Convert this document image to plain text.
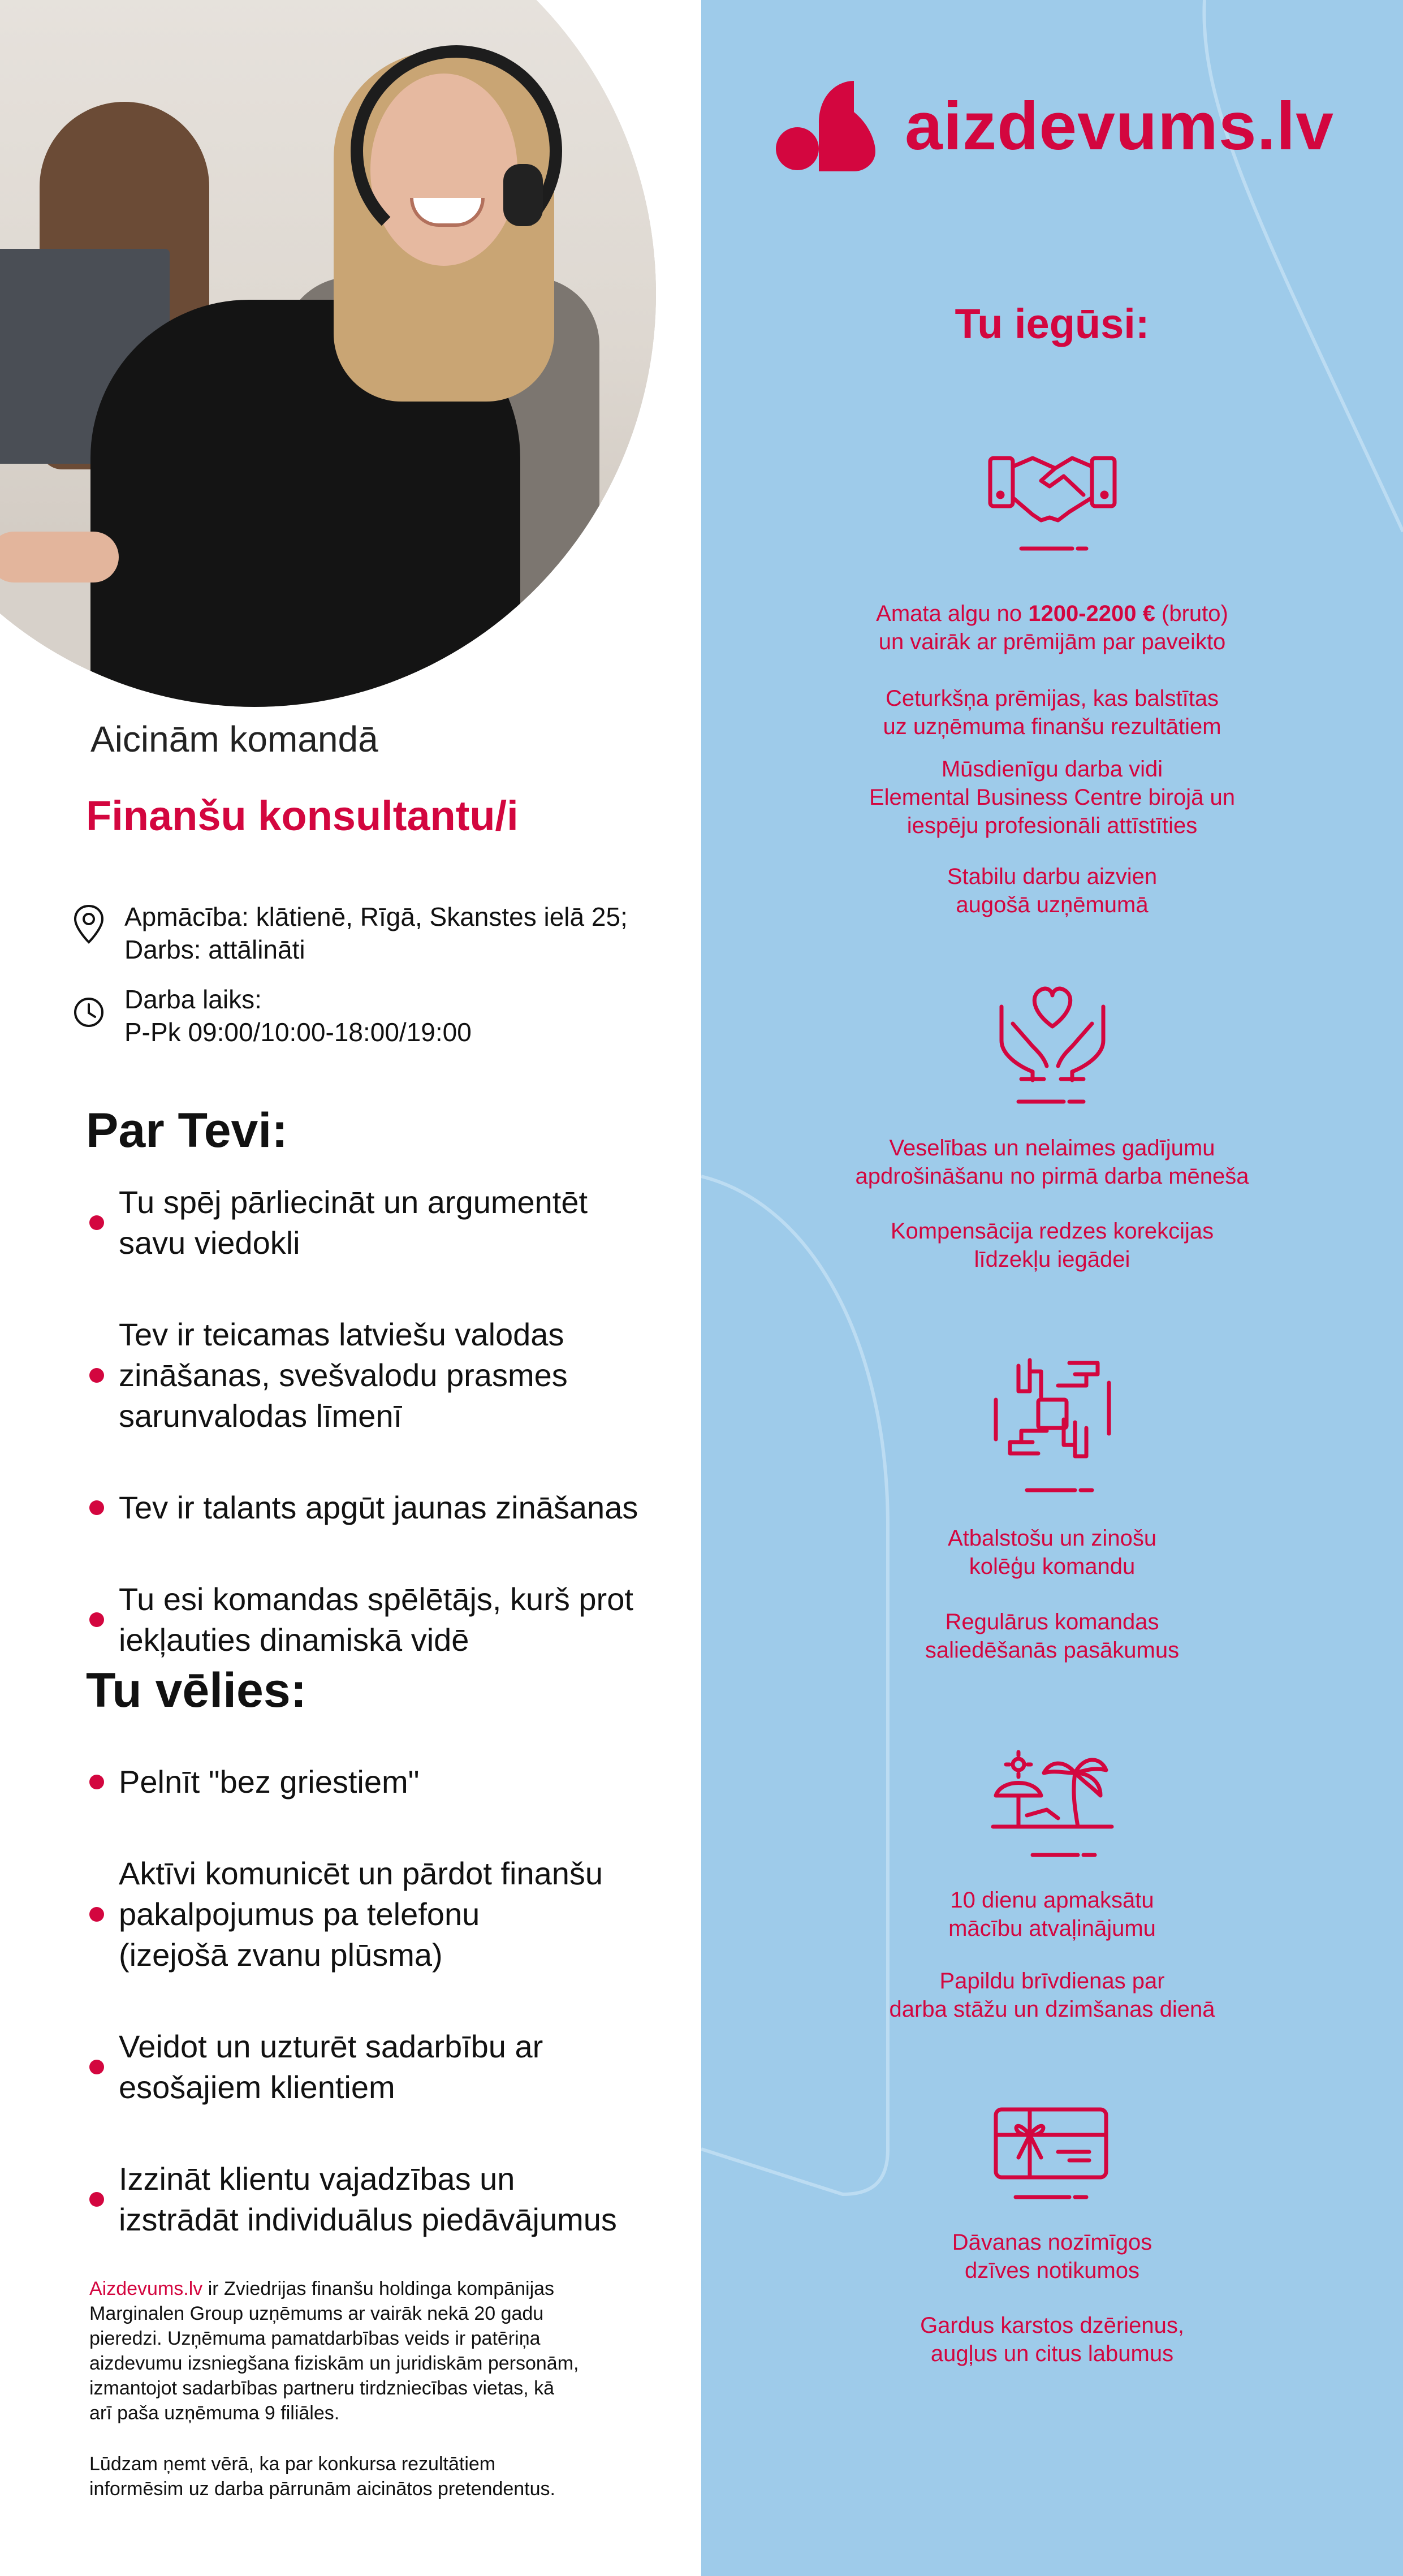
Aicinām komandā
Finanšu konsultantu/i
Apmācība: klātienē, Rīgā, Skanstes ielā 25;
Darbs: attālināti
Darba laiks:
P-Pk 09:00/10:00-18:00/19:00
Par Tevi:
Tu spēj pārliecināt un argumentēt
savu viedokli
Tev ir teicamas latviešu valodas
zināšanas, svešvalodu prasmes
sarunvalodas līmenī
Tev ir talants apgūt jaunas zināšanas
Tu esi komandas spēlētājs, kurš prot
iekļauties dinamiskā vidē
Tu vēlies:
Pelnīt "bez griestiem"
Aktīvi komunicēt un pārdot finanšu
pakalpojumus pa telefonu
(izejošā zvanu plūsma)
Veidot un uzturēt sadarbību ar
esošajiem klientiem
Izzināt klientu vajadzības un
izstrādāt individuālus piedāvājumus
Aizdevums.lv ir Zviedrijas finanšu holdinga kompānijas
Marginalen Group uzņēmums ar vairāk nekā 20 gadu
pieredzi. Uzņēmuma pamatdarbības veids ir patēriņa
aizdevumu izsniegšana fiziskām un juridiskām personām,
izmantojot sadarbības partneru tirdzniecības vietas, kā
arī paša uzņēmuma 9 filiāles.
Lūdzam ņemt vērā, ka par konkursa rezultātiem
informēsim uz darba pārrunām aicinātos pretendentus.
aizdevums.lv
Tu iegūsi:
Amata algu no 1200-2200 € (bruto)
un vairāk ar prēmijām par paveikto
Ceturkšņa prēmijas, kas balstītas
uz uzņēmuma finanšu rezultātiem
Mūsdienīgu darba vidi
Elemental Business Centre birojā un
iespēju profesionāli attīstīties
Stabilu darbu aizvien
augošā uzņēmumā
Veselības un nelaimes gadījumu
apdrošināšanu no pirmā darba mēneša
Kompensācija redzes korekcijas
līdzekļu iegādei
Atbalstošu un zinošu
kolēģu komandu
Regulārus komandas
saliedēšanās pasākumus
10 dienu apmaksātu
mācību atvaļinājumu
Papildu brīvdienas par
darba stāžu un dzimšanas dienā
Dāvanas nozīmīgos
dzīves notikumos
Gardus karstos dzērienus,
augļus un citus labumus
